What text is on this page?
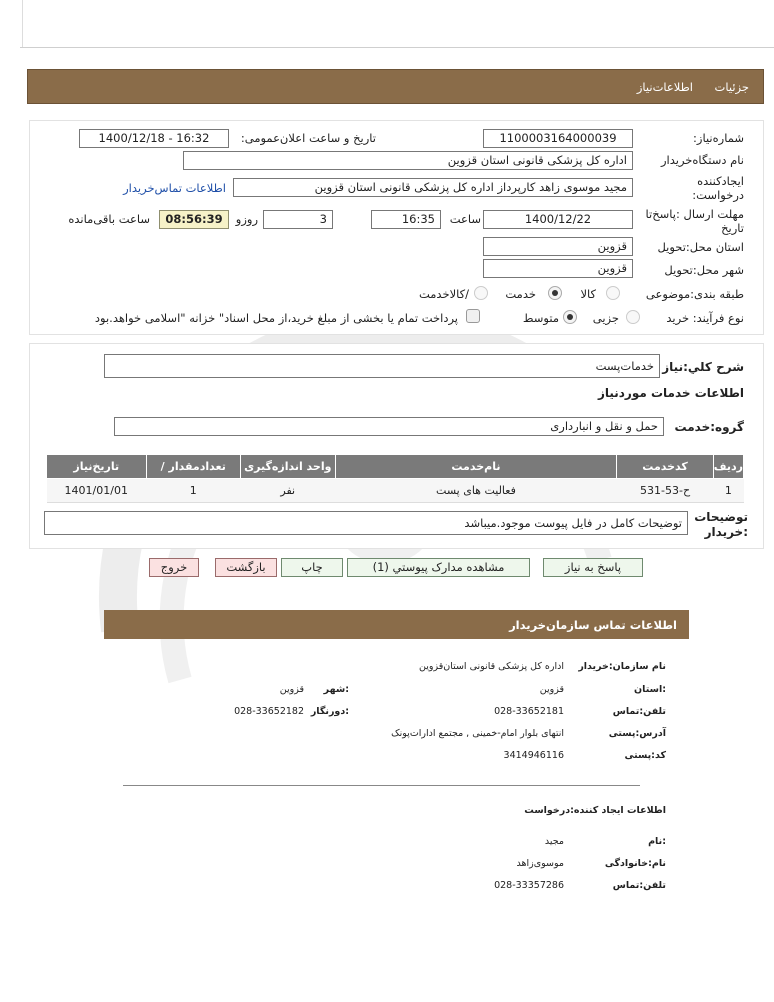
جزئیات
اطلاعات‌نیاز
شماره‌نیاز:
1100003164000039
تاریخ و ساعت اعلان‌عمومی:
1400/12/18 - 16:32
نام دستگاه‌خریدار
اداره کل پزشکی قانونی استان قزوین
ایجادکننده
درخواست:
مجید موسوی زاهد کارپرداز اداره کل پزشکی قانونی استان قزوین
اطلاعات تماس‌خریدار
مهلت ارسال :پاسخ‌تا
تاریخ
1400/12/22
ساعت
16:35
3
روزو
08:56:39
ساعت باقی‌مانده
استان محل:تحویل
قزوین
شهر محل:تحویل
قزوین
طبقه بندی:موضوعی
کالا
خدمت
/کالاخدمت
نوع فرآیند: خرید
جزیی
متوسط
پرداخت تمام یا بخشی از مبلغ خرید،از محل اسناد" خزانه "اسلامی خواهد.بود
شرح کلي:نیاز
خدمات‌پست
اطلاعات خدمات موردنیاز
گروه:خدمت
حمل و نقل و انبارداری
تاریخ‌نیاز	/ تعدادمقدار	واحد اندازه‌گیری	نام‌خدمت	کدخدمت	ردیف
1401/01/01	1	نفر	فعالیت های پست	ح-53-531	1
توضیحات
:خریدار
توضیحات کامل در فایل پیوست موجود.میباشد
پاسخ به نیاز
مشاهده مدارک پیوستي (1)
چاپ
بازگشت
خروج
اطلاعات تماس سازمان‌خریدار
نام سازمان:خریدار
اداره کل پزشکی قانونی استان‌قزوین
:استان
قزوین
:شهر
قزوین
تلفن:تماس
028-33652181
:دورنگار
028-33652182
آدرس:پستی
انتهای بلوار امام-خمینی , مجتمع ادارات‌پونک
کد:پستی
3414946116
اطلاعات ایجاد کننده:درخواست
:نام
مجید
نام:خانوادگی
موسوی‌زاهد
تلفن:تماس
028-33357286
